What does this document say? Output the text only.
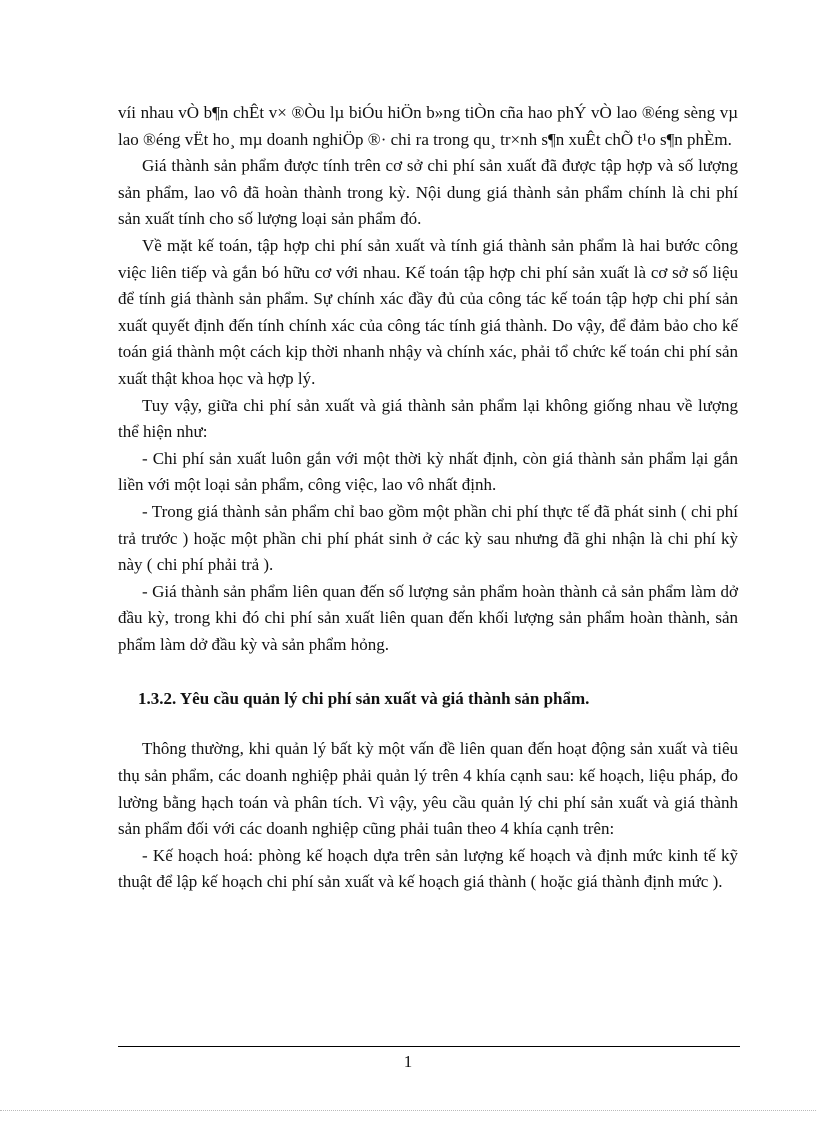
víi nhau vÒ b¶n chÊt v× ®Òu lµ biÓu hiÖn b»ng tiÒn cña hao phÝ vÒ lao ®éng sèng vµ lao ®éng vËt ho¸ mµ doanh nghiÖp ®· chi ra trong qu¸ tr×nh s¶n xuÊt chÕ t¹o s¶n phÈm.

Giá thành sản phẩm được tính trên cơ sở chi phí sản xuất đã được tập hợp và số lượng sản phẩm, lao vô đã hoàn thành trong kỳ. Nội dung giá thành sản phẩm chính là chi phí sản xuất tính cho số lượng loại sản phẩm đó.

Về mặt kế toán, tập hợp chi phí sản xuất và tính giá thành sản phẩm là hai bước công việc liên tiếp và gắn bó hữu cơ với nhau. Kế toán tập hợp chi phí sản xuất là cơ sở số liệu để tính giá thành sản phẩm. Sự chính xác đầy đủ của công tác kế toán tập hợp chi phí sản xuất quyết định đến tính chính xác của công tác tính giá thành. Do vậy, để đảm bảo cho kế toán giá thành một cách kịp thời nhanh nhậy và chính xác, phải tổ chức kế toán chi phí sản xuất thật khoa học và hợp lý.

Tuy vậy, giữa chi phí sản xuất và giá thành sản phẩm lại không giống nhau về lượng thể hiện như:

- Chi phí sản xuất luôn gắn với một thời kỳ nhất định, còn giá thành sản phẩm lại gắn liền với một loại sản phẩm, công việc, lao vô nhất định.

- Trong giá thành sản phẩm chỉ bao gồm một phần chi phí thực tế đã phát sinh ( chi phí trả trước ) hoặc một phần chi phí phát sinh ở các kỳ sau nhưng đã ghi nhận là chi phí kỳ này ( chi phí phải trả ).

- Giá thành sản phẩm liên quan đến số lượng sản phẩm hoàn thành cả sản phẩm làm dở đầu kỳ, trong khi đó chi phí sản xuất liên quan đến khối lượng sản phẩm hoàn thành, sản phẩm làm dở đầu kỳ và sản phẩm hỏng.

1.3.2. Yêu cầu quản lý chi phí sản xuất và giá thành sản phẩm.

Thông thường, khi quản lý bất kỳ một vấn đề liên quan đến hoạt động sản xuất và tiêu thụ sản phẩm, các doanh nghiệp phải quản lý trên 4 khía cạnh sau: kế hoạch, liệu pháp, đo lường bằng hạch toán và phân tích. Vì vậy, yêu cầu quản lý chi phí sản xuất và giá thành sản phẩm đối với các doanh nghiệp cũng phải tuân theo 4 khía cạnh trên:

- Kế hoạch hoá: phòng kế hoạch dựa trên sản lượng kế hoạch và định mức kinh tế kỹ thuật để lập kế hoạch chi phí sản xuất và kế hoạch giá thành ( hoặc giá thành định mức ).

1
